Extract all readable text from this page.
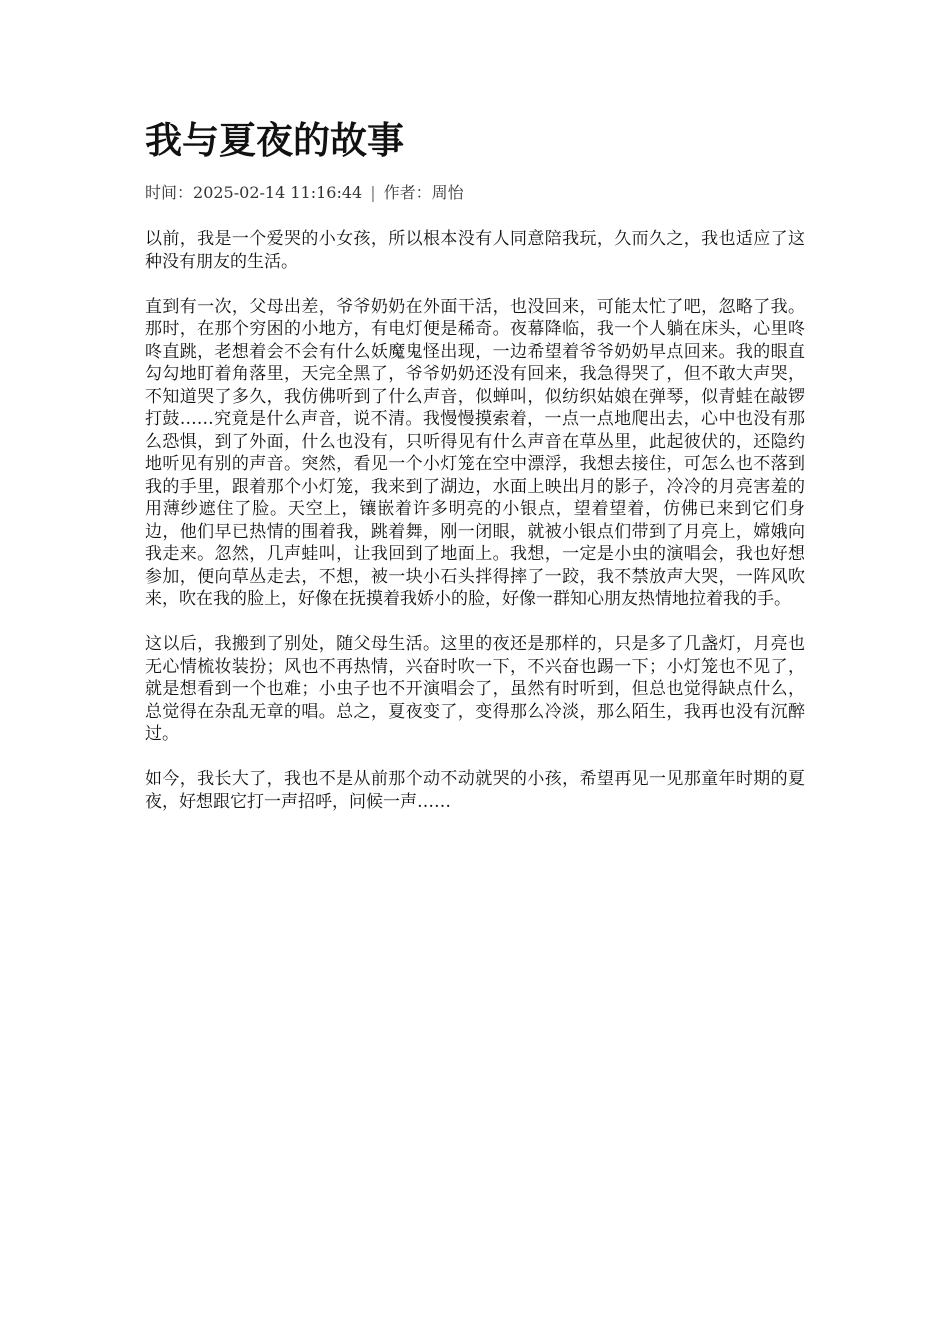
我与夏夜的故事
时间：2025-02-14 11:16:44 | 作者：周怡

以前，我是一个爱哭的小女孩，所以根本没有人同意陪我玩，久而久之，我也适应了这种没有朋友的生活。

直到有一次，父母出差，爷爷奶奶在外面干活，也没回来，可能太忙了吧，忽略了我。那时，在那个穷困的小地方，有电灯便是稀奇。夜幕降临，我一个人躺在床头，心里咚咚直跳，老想着会不会有什么妖魔鬼怪出现，一边希望着爷爷奶奶早点回来。我的眼直勾勾地盯着角落里，天完全黑了，爷爷奶奶还没有回来，我急得哭了，但不敢大声哭，不知道哭了多久，我仿佛听到了什么声音，似蝉叫，似纺织姑娘在弹琴，似青蛙在敲锣打鼓……究竟是什么声音，说不清。我慢慢摸索着，一点一点地爬出去，心中也没有那么恐惧，到了外面，什么也没有，只听得见有什么声音在草丛里，此起彼伏的，还隐约地听见有别的声音。突然，看见一个小灯笼在空中漂浮，我想去接住，可怎么也不落到我的手里，跟着那个小灯笼，我来到了湖边，水面上映出月的影子，冷冷的月亮害羞的用薄纱遮住了脸。天空上，镶嵌着许多明亮的小银点，望着望着，仿佛已来到它们身边，他们早已热情的围着我，跳着舞，刚一闭眼，就被小银点们带到了月亮上，嫦娥向我走来。忽然，几声蛙叫，让我回到了地面上。我想，一定是小虫的演唱会，我也好想参加，便向草丛走去，不想，被一块小石头拌得摔了一跤，我不禁放声大哭，一阵风吹来，吹在我的脸上，好像在抚摸着我娇小的脸，好像一群知心朋友热情地拉着我的手。

这以后，我搬到了别处，随父母生活。这里的夜还是那样的，只是多了几盏灯，月亮也无心情梳妆装扮；风也不再热情，兴奋时吹一下，不兴奋也踢一下；小灯笼也不见了，就是想看到一个也难；小虫子也不开演唱会了，虽然有时听到，但总也觉得缺点什么，总觉得在杂乱无章的唱。总之，夏夜变了，变得那么冷淡，那么陌生，我再也没有沉醉过。

如今，我长大了，我也不是从前那个动不动就哭的小孩，希望再见一见那童年时期的夏夜，好想跟它打一声招呼，问候一声……
